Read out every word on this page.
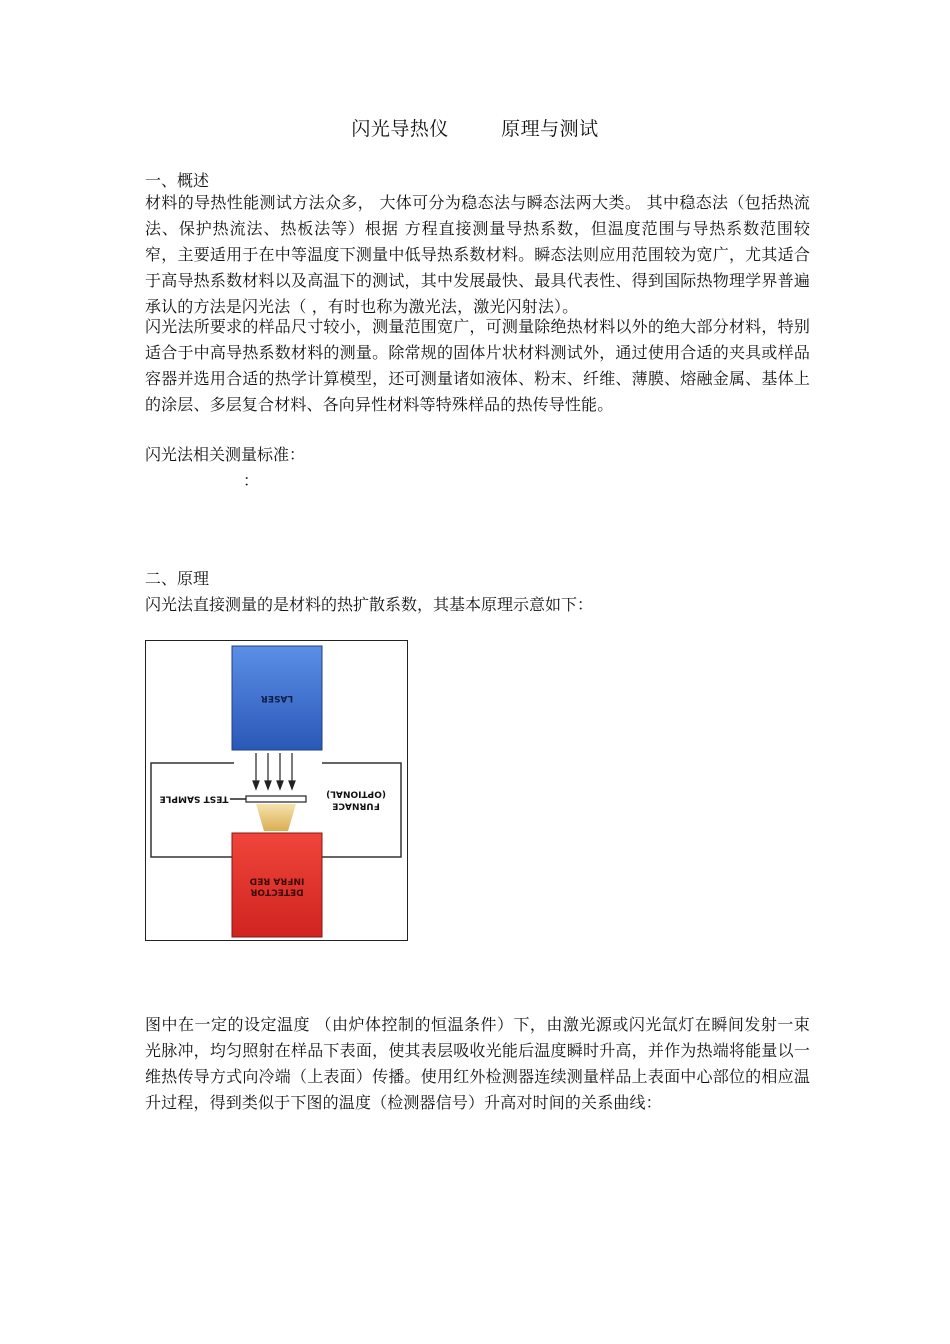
闪光导热仪        原理与测试
一、概述
材料的导热性能测试方法众多， 大体可分为稳态法与瞬态法两大类。 其中稳态法（包括热流法、保护热流法、热板法等）根据 方程直接测量导热系数，但温度范围与导热系数范围较窄，主要适用于在中等温度下测量中低导热系数材料。瞬态法则应用范围较为宽广，尤其适合于高导热系数材料以及高温下的测试，其中发展最快、最具代表性、得到国际热物理学界普遍承认的方法是闪光法（ ，有时也称为激光法，激光闪射法）。
闪光法所要求的样品尺寸较小，测量范围宽广，可测量除绝热材料以外的绝大部分材料，特别适合于中高导热系数材料的测量。除常规的固体片状材料测试外，通过使用合适的夹具或样品容器并选用合适的热学计算模型，还可测量诸如液体、粉末、纤维、薄膜、熔融金属、基体上的涂层、多层复合材料、各向异性材料等特殊样品的热传导性能。
闪光法相关测量标准：
：
二、原理
闪光法直接测量的是材料的热扩散系数，其基本原理示意如下：
LASER
TEST SAMPLE	(OPTIONAL)
FURNACE
INFRA RED
DETECTOR
图中在一定的设定温度 （由炉体控制的恒温条件）下，由激光源或闪光氙灯在瞬间发射一束光脉冲，均匀照射在样品下表面，使其表层吸收光能后温度瞬时升高，并作为热端将能量以一维热传导方式向冷端（上表面）传播。使用红外检测器连续测量样品上表面中心部位的相应温升过程，得到类似于下图的温度（检测器信号）升高对时间的关系曲线：
